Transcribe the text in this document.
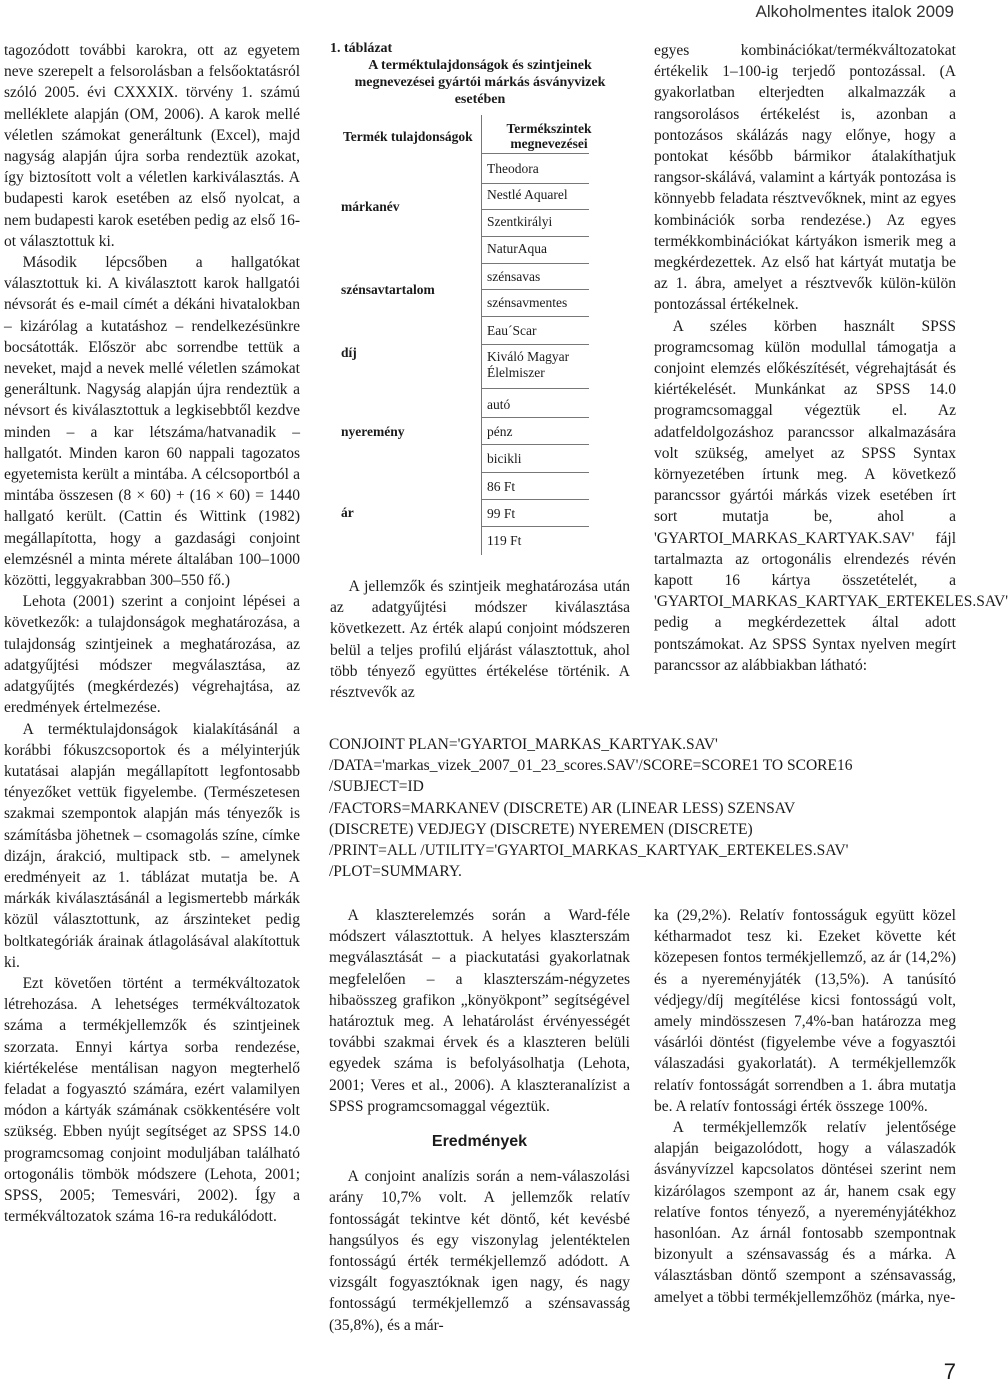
Alkoholmentes italok 2009

tagozódott további karokra, ott az egyetem neve szerepelt a felsorolásban a felsőoktatásról szóló 2005. évi CXXXIX. törvény 1. számú melléklete alapján (OM, 2006). A karok mellé véletlen számokat generáltunk (Excel), majd nagyság alapján újra sorba rendeztük azokat, így biztosított volt a véletlen karkiválasztás. A budapesti karok esetében az első nyolcat, a nem budapesti karok esetében pedig az első 16-ot választottuk ki.

Második lépcsőben a hallgatókat választottuk ki. A kiválasztott karok hallgatói névsorát és e-mail címét a dékáni hivatalokban – kizárólag a kutatáshoz – rendelkezésünkre bocsátották. Először abc sorrendbe tettük a neveket, majd a nevek mellé véletlen számokat generáltunk. Nagyság alapján újra rendeztük a névsort és kiválasztottuk a legkisebbtől kezdve minden – a kar létszáma/hatvanadik – hallgatót. Minden karon 60 nappali tagozatos egyetemista került a mintába. A célcsoportból a mintába összesen (8 × 60) + (16 × 60) = 1440 hallgató került. (Cattin és Wittink (1982) megállapította, hogy a gazdasági conjoint elemzésnél a minta mérete általában 100–1000 közötti, leggyakrabban 300–550 fő.)

Lehota (2001) szerint a conjoint lépései a következők: a tulajdonságok meghatározása, a tulajdonság szintjeinek a meghatározása, az adatgyűjtési módszer megválasztása, az adatgyűjtés (megkérdezés) végrehajtása, az eredmények értelmezése.

A terméktulajdonságok kialakításánál a korábbi fókuszcsoportok és a mélyinterjúk kutatásai alapján megállapított legfontosabb tényezőket vettük figyelembe. (Természetesen szakmai szempontok alapján más tényezők is számításba jöhetnek – csomagolás színe, címke dizájn, árakció, multipack stb. – amelynek eredményeit az 1. táblázat mutatja be. A márkák kiválasztásánál a legismertebb márkák közül választottunk, az árszinteket pedig boltkategóriák árainak átlagolásával alakítottuk ki.

Ezt követően történt a termékváltozatok létrehozása. A lehetséges termékváltozatok száma a termékjellemzők és szintjeinek szorzata. Ennyi kártya sorba rendezése, kiértékelése mentálisan nagyon megterhelő feladat a fogyasztó számára, ezért valamilyen módon a kártyák számának csökkentésére volt szükség. Ebben nyújt segítséget az SPSS 14.0 programcsomag conjoint moduljában található ortogonális tömbök módszere (Lehota, 2001; SPSS, 2005; Temesvári, 2002). Így a termékváltozatok száma 16-ra redukálódott.

1. táblázat
A terméktulajdonságok és szintjeinek megnevezései gyártói márkás ásványvizek esetében
Termék tulajdonságok
Termékszintek megnevezései
márkanév
Theodora
Nestlé Aquarel
Szentkirályi
NaturAqua
szénsavtartalom
szénsavas
szénsavmentes
díj
Eau´Scar
Kiváló Magyar Élelmiszer
nyeremény
autó
pénz
bicikli
ár
86 Ft
99 Ft
119 Ft

A jellemzők és szintjeik meghatározása után az adatgyűjtési módszer kiválasztása következett. Az érték alapú conjoint módszeren belül a teljes profilú eljárást választottuk, ahol több tényező együttes értékelése történik. A résztvevők az

egyes kombinációkat/termékváltozatokat értékelik 1–100-ig terjedő pontozással. (A gyakorlatban elterjedten alkalmazzák a rangsorolásos értékelést is, azonban a pontozásos skálázás nagy előnye, hogy a pontokat később bármikor átalakíthatjuk rangsor-skálává, valamint a kártyák pontozása is könnyebb feladata résztvevőknek, mint az egyes kombinációk sorba rendezése.) Az egyes termékkombinációkat kártyákon ismerik meg a megkérdezettek. Az első hat kártyát mutatja be az 1. ábra, amelyet a résztvevők külön-külön pontozással értékelnek.

A széles körben használt SPSS programcsomag külön modullal támogatja a conjoint elemzés előkészítését, végrehajtását és kiértékelését. Munkánkat az SPSS 14.0 programcsomaggal végeztük el. Az adatfeldolgozáshoz parancssor alkalmazására volt szükség, amelyet az SPSS Syntax környezetében írtunk meg. A következő parancssor gyártói márkás vizek esetében írt sort mutatja be, ahol a 'GYARTOI_MARKAS_KARTYAK.SAV' fájl tartalmazta az ortogonális elrendezés révén kapott 16 kártya összetételét, a 'GYARTOI_MARKAS_KARTYAK_ERTEKELES.SAV' pedig a megkérdezettek által adott pontszámokat. Az SPSS Syntax nyelven megírt parancssor az alábbiakban látható:

CONJOINT PLAN='GYARTOI_MARKAS_KARTYAK.SAV'
/DATA='markas_vizek_2007_01_23_scores.SAV'/SCORE=SCORE1 TO SCORE16
/SUBJECT=ID
/FACTORS=MARKANEV (DISCRETE) AR (LINEAR LESS) SZENSAV
(DISCRETE) VEDJEGY (DISCRETE) NYEREMEN (DISCRETE)
/PRINT=ALL /UTILITY='GYARTOI_MARKAS_KARTYAK_ERTEKELES.SAV'
/PLOT=SUMMARY.

A klaszterelemzés során a Ward-féle módszert választottuk. A helyes klaszterszám megválasztását – a piackutatási gyakorlatnak megfelelően – a klaszterszám-négyzetes hibaösszeg grafikon „könyökpont” segítségével határoztuk meg. A lehatárolást érvényességét további szakmai érvek és a klaszteren belüli egyedek száma is befolyásolhatja (Lehota, 2001; Veres et al., 2006). A klaszteranalízist a SPSS programcsomaggal végeztük.

Eredmények

A conjoint analízis során a nem-válaszolási arány 10,7% volt. A jellemzők relatív fontosságát tekintve két döntő, két kevésbé hangsúlyos és egy viszonylag jelentéktelen fontosságú érték termékjellemző adódott. A vizsgált fogyasztóknak igen nagy, és nagy fontosságú termékjellemző a szénsavasság (35,8%), és a már-

ka (29,2%). Relatív fontosságuk együtt közel kétharmadot tesz ki. Ezeket követte két közepesen fontos termékjellemző, az ár (14,2%) és a nyereményjáték (13,5%). A tanúsító védjegy/díj megítélése kicsi fontosságú volt, amely mindösszesen 7,4%-ban határozza meg vásárlói döntést (figyelembe véve a fogyasztói válaszadási gyakorlatát). A termékjellemzők relatív fontosságát sorrendben a 1. ábra mutatja be. A relatív fontossági érték összege 100%.

A termékjellemzők relatív jelentősége alapján beigazolódott, hogy a válaszadók ásványvízzel kapcsolatos döntései szerint nem kizárólagos szempont az ár, hanem csak egy relatíve fontos tényező, a nyereményjátékhoz hasonlóan. Az árnál fontosabb szempontnak bizonyult a szénsavasság és a márka. A választásban döntő szempont a szénsavasság, amelyet a többi termékjellemzőhöz (márka, nye-

7
